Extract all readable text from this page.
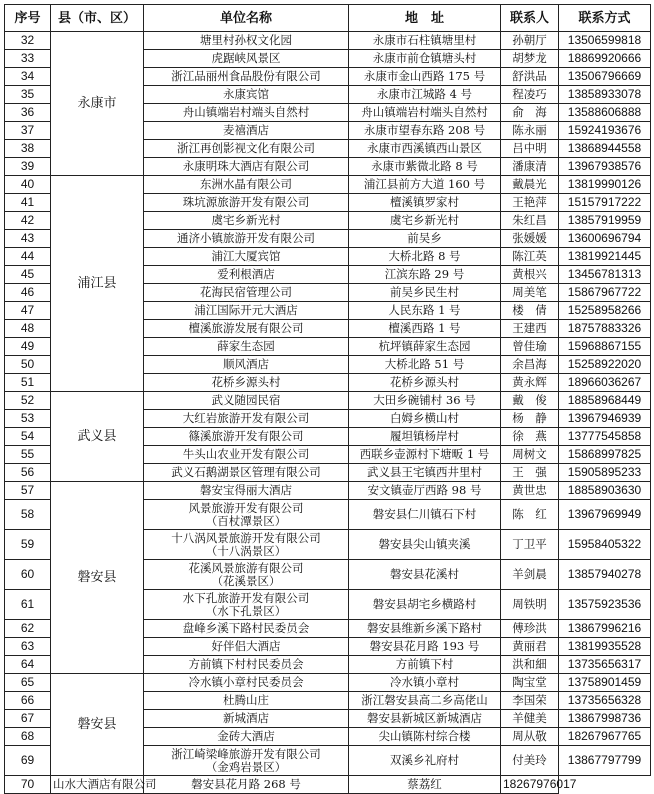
序号	县（市、区）	单位名称	地　址	联系人	联系方式
32	永康市	塘里村孙权文化园	永康市石柱镇塘里村	孙朝厅	13506599818
33		虎踞峡风景区	永康市前仓镇塘头村	胡梦龙	18869920666
34		浙江品丽州食品股份有限公司	永康市金山西路 175 号	舒洪品	13506796669
35		永康宾馆	永康市江城路 4 号	程凌巧	13858933078
36		舟山镇端岩村端头自然村	舟山镇端岩村端头自然村	俞　海	13588606888
37		麦禧酒店	永康市望春东路 208 号	陈永丽	15924193676
38		浙江再创影视文化有限公司	永康市西溪镇西山景区	吕中明	13868944558
39		永康明珠大酒店有限公司	永康市紫微北路 8 号	潘康清	13967938576
40	浦江县	东洲水晶有限公司	浦江县前方大道 160 号	戴晨光	13819990126
41		珠坑源旅游开发有限公司	檀溪镇罗家村	王艳萍	15157917222
42		虞宅乡新光村	虞宅乡新光村	朱红昌	13857919959
43		通济小镇旅游开发有限公司	前吴乡	张媛媛	13600696794
44		浦江大厦宾馆	大桥北路 8 号	陈江英	13819921445
45		爱利根酒店	江滨东路 29 号	黄根兴	13456781313
46		花海民宿管理公司	前吴乡民生村	周美笔	15867967722
47		浦江国际开元大酒店	人民东路 1 号	楼　倩	15258958266
48		檀溪旅游发展有限公司	檀溪西路 1 号	王建西	18757883326
49		薛家生态园	杭坪镇薛家生态园	曾佳瑜	15968867155
50		顺风酒店	大桥北路 51 号	余昌海	15258922020
51		花桥乡源头村	花桥乡源头村	黄永辉	18966036267
52	武义县	武义随园民宿	大田乡碗铺村 36 号	戴　俊	18858968449
53		大红岩旅游开发有限公司	白姆乡横山村	杨　静	13967946939
54		篠溪旅游开发有限公司	履坦镇杨岸村	徐　燕	13777545858
55		牛头山农业开发有限公司	西联乡壶源村下塘畈 1 号	周树文	15868997825
56		武义石鹅湖景区管理有限公司	武义县王宅镇西井里村	王　强	15905895233
57	磐安县	磐安宝得丽大酒店	安文镇壶厅西路 98 号	黄世忠	18858903630
58		风景旅游开发有限公司
（百杖潭景区）	磐安县仁川镇石下村	陈　红	13967969949
59		十八涡风景旅游开发有限公司
（十八涡景区）	磐安县尖山镇夹溪	丁卫平	15958405322
60		花溪风景旅游有限公司
（花溪景区）	磐安县花溪村	羊剑晨	13857940278
61		水下孔旅游开发有限公司
（水下孔景区）	磐安县胡宅乡横路村	周铁明	13575923536
62		盘峰乡溪下路村民委员会	磐安县维新乡溪下路村	傅珍洪	13867996216
63		好伴侣大酒店	磐安县花月路 193 号	黄丽君	13819935528
64		方前镇下村村民委员会	方前镇下村	洪和細	13735656317
65	磐安县	冷水镇小章村民委员会	冷水镇小章村	陶宝堂	13758901459
66		杜腾山庄	浙江磐安县高二乡高佬山	李国荣	13735656328
67		新城酒店	磐安县新城区新城酒店	羊健美	13867998736
68		金砖大酒店	尖山镇陈村综合楼	周从敬	18267967765
69		浙江崎梁峰旅游开发有限公司
（金鸡岩景区）	双溪乡礼府村	付美玲	13867797799
70	山水大酒店有限公司	磐安县花月路 268 号	蔡荔红	18267976017	
